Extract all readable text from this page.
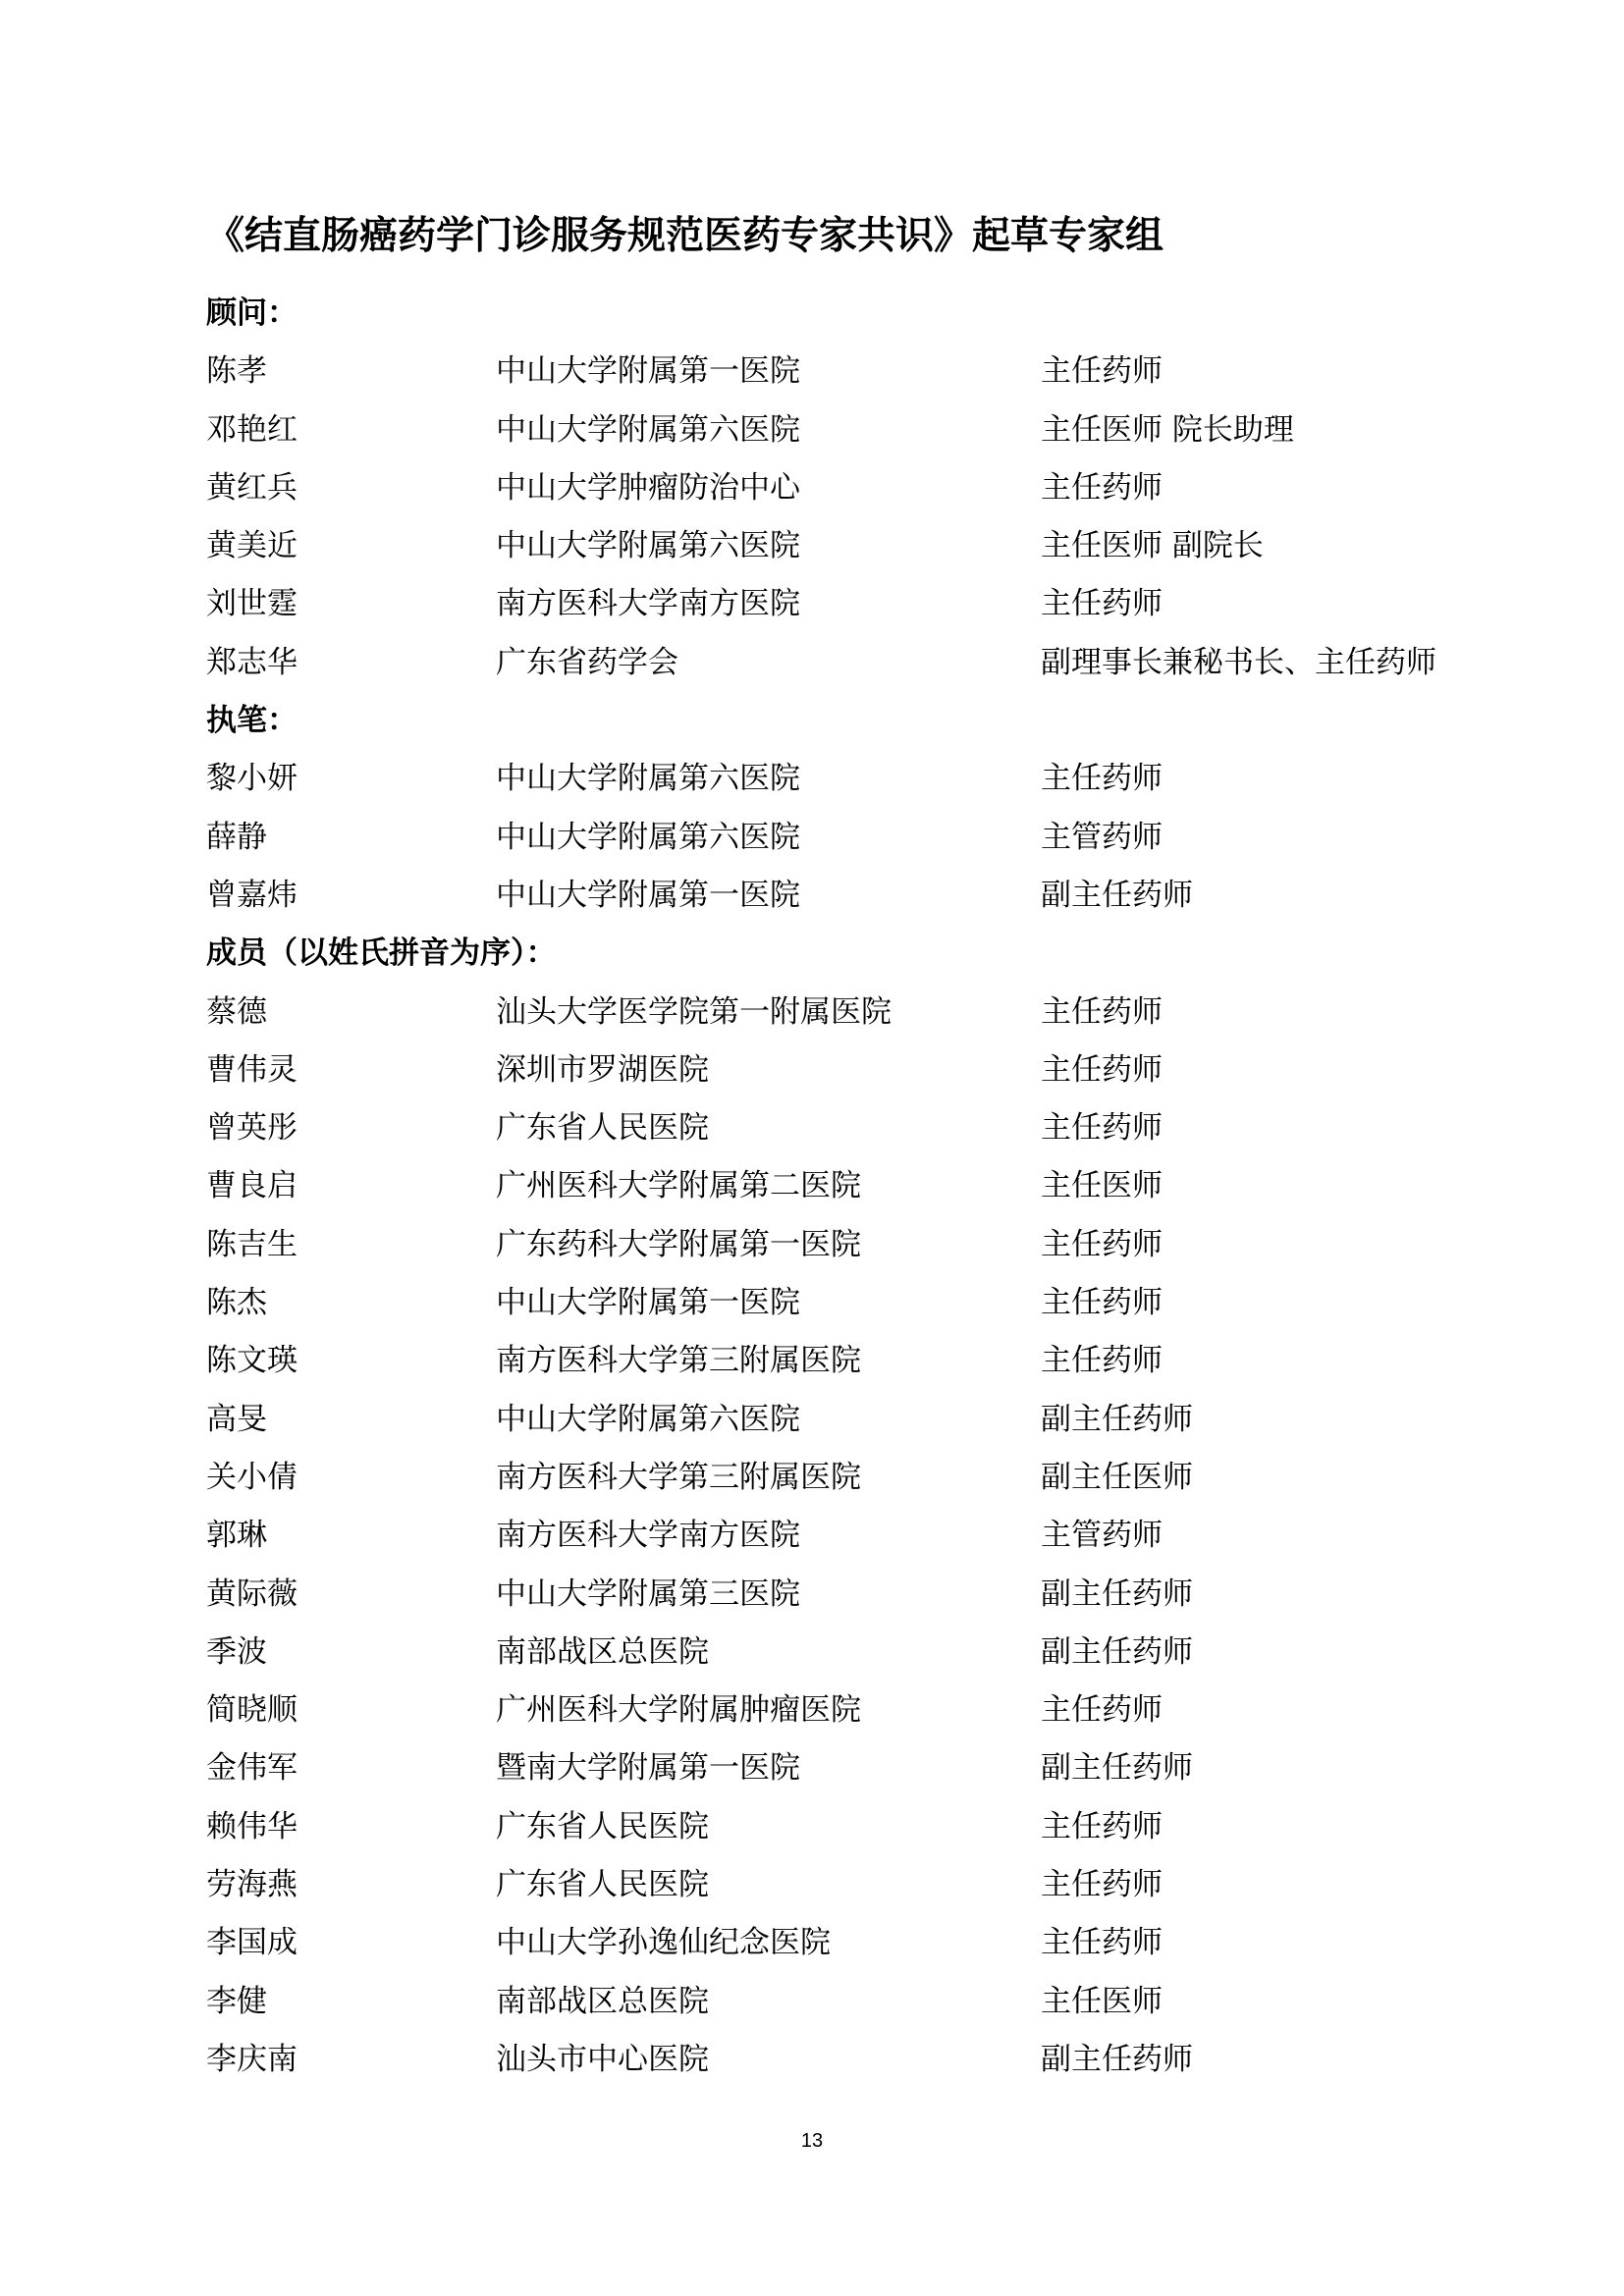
《结直肠癌药学门诊服务规范医药专家共识》起草专家组
顾问：
陈孝	中山大学附属第一医院	主任药师
邓艳红	中山大学附属第六医院	主任医师 院长助理
黄红兵	中山大学肿瘤防治中心	主任药师
黄美近	中山大学附属第六医院	主任医师 副院长
刘世霆	南方医科大学南方医院	主任药师
郑志华	广东省药学会	副理事长兼秘书长、主任药师
执笔：
黎小妍	中山大学附属第六医院	主任药师
薛静	中山大学附属第六医院	主管药师
曾嘉炜	中山大学附属第一医院	副主任药师
成员（以姓氏拼音为序）：
蔡德	汕头大学医学院第一附属医院	主任药师
曹伟灵	深圳市罗湖医院	主任药师
曾英彤	广东省人民医院	主任药师
曹良启	广州医科大学附属第二医院	主任医师
陈吉生	广东药科大学附属第一医院	主任药师
陈杰	中山大学附属第一医院	主任药师
陈文瑛	南方医科大学第三附属医院	主任药师
高旻	中山大学附属第六医院	副主任药师
关小倩	南方医科大学第三附属医院	副主任医师
郭琳	南方医科大学南方医院	主管药师
黄际薇	中山大学附属第三医院	副主任药师
季波	南部战区总医院	副主任药师
简晓顺	广州医科大学附属肿瘤医院	主任药师
金伟军	暨南大学附属第一医院	副主任药师
赖伟华	广东省人民医院	主任药师
劳海燕	广东省人民医院	主任药师
李国成	中山大学孙逸仙纪念医院	主任药师
李健	南部战区总医院	主任医师
李庆南	汕头市中心医院	副主任药师
13
